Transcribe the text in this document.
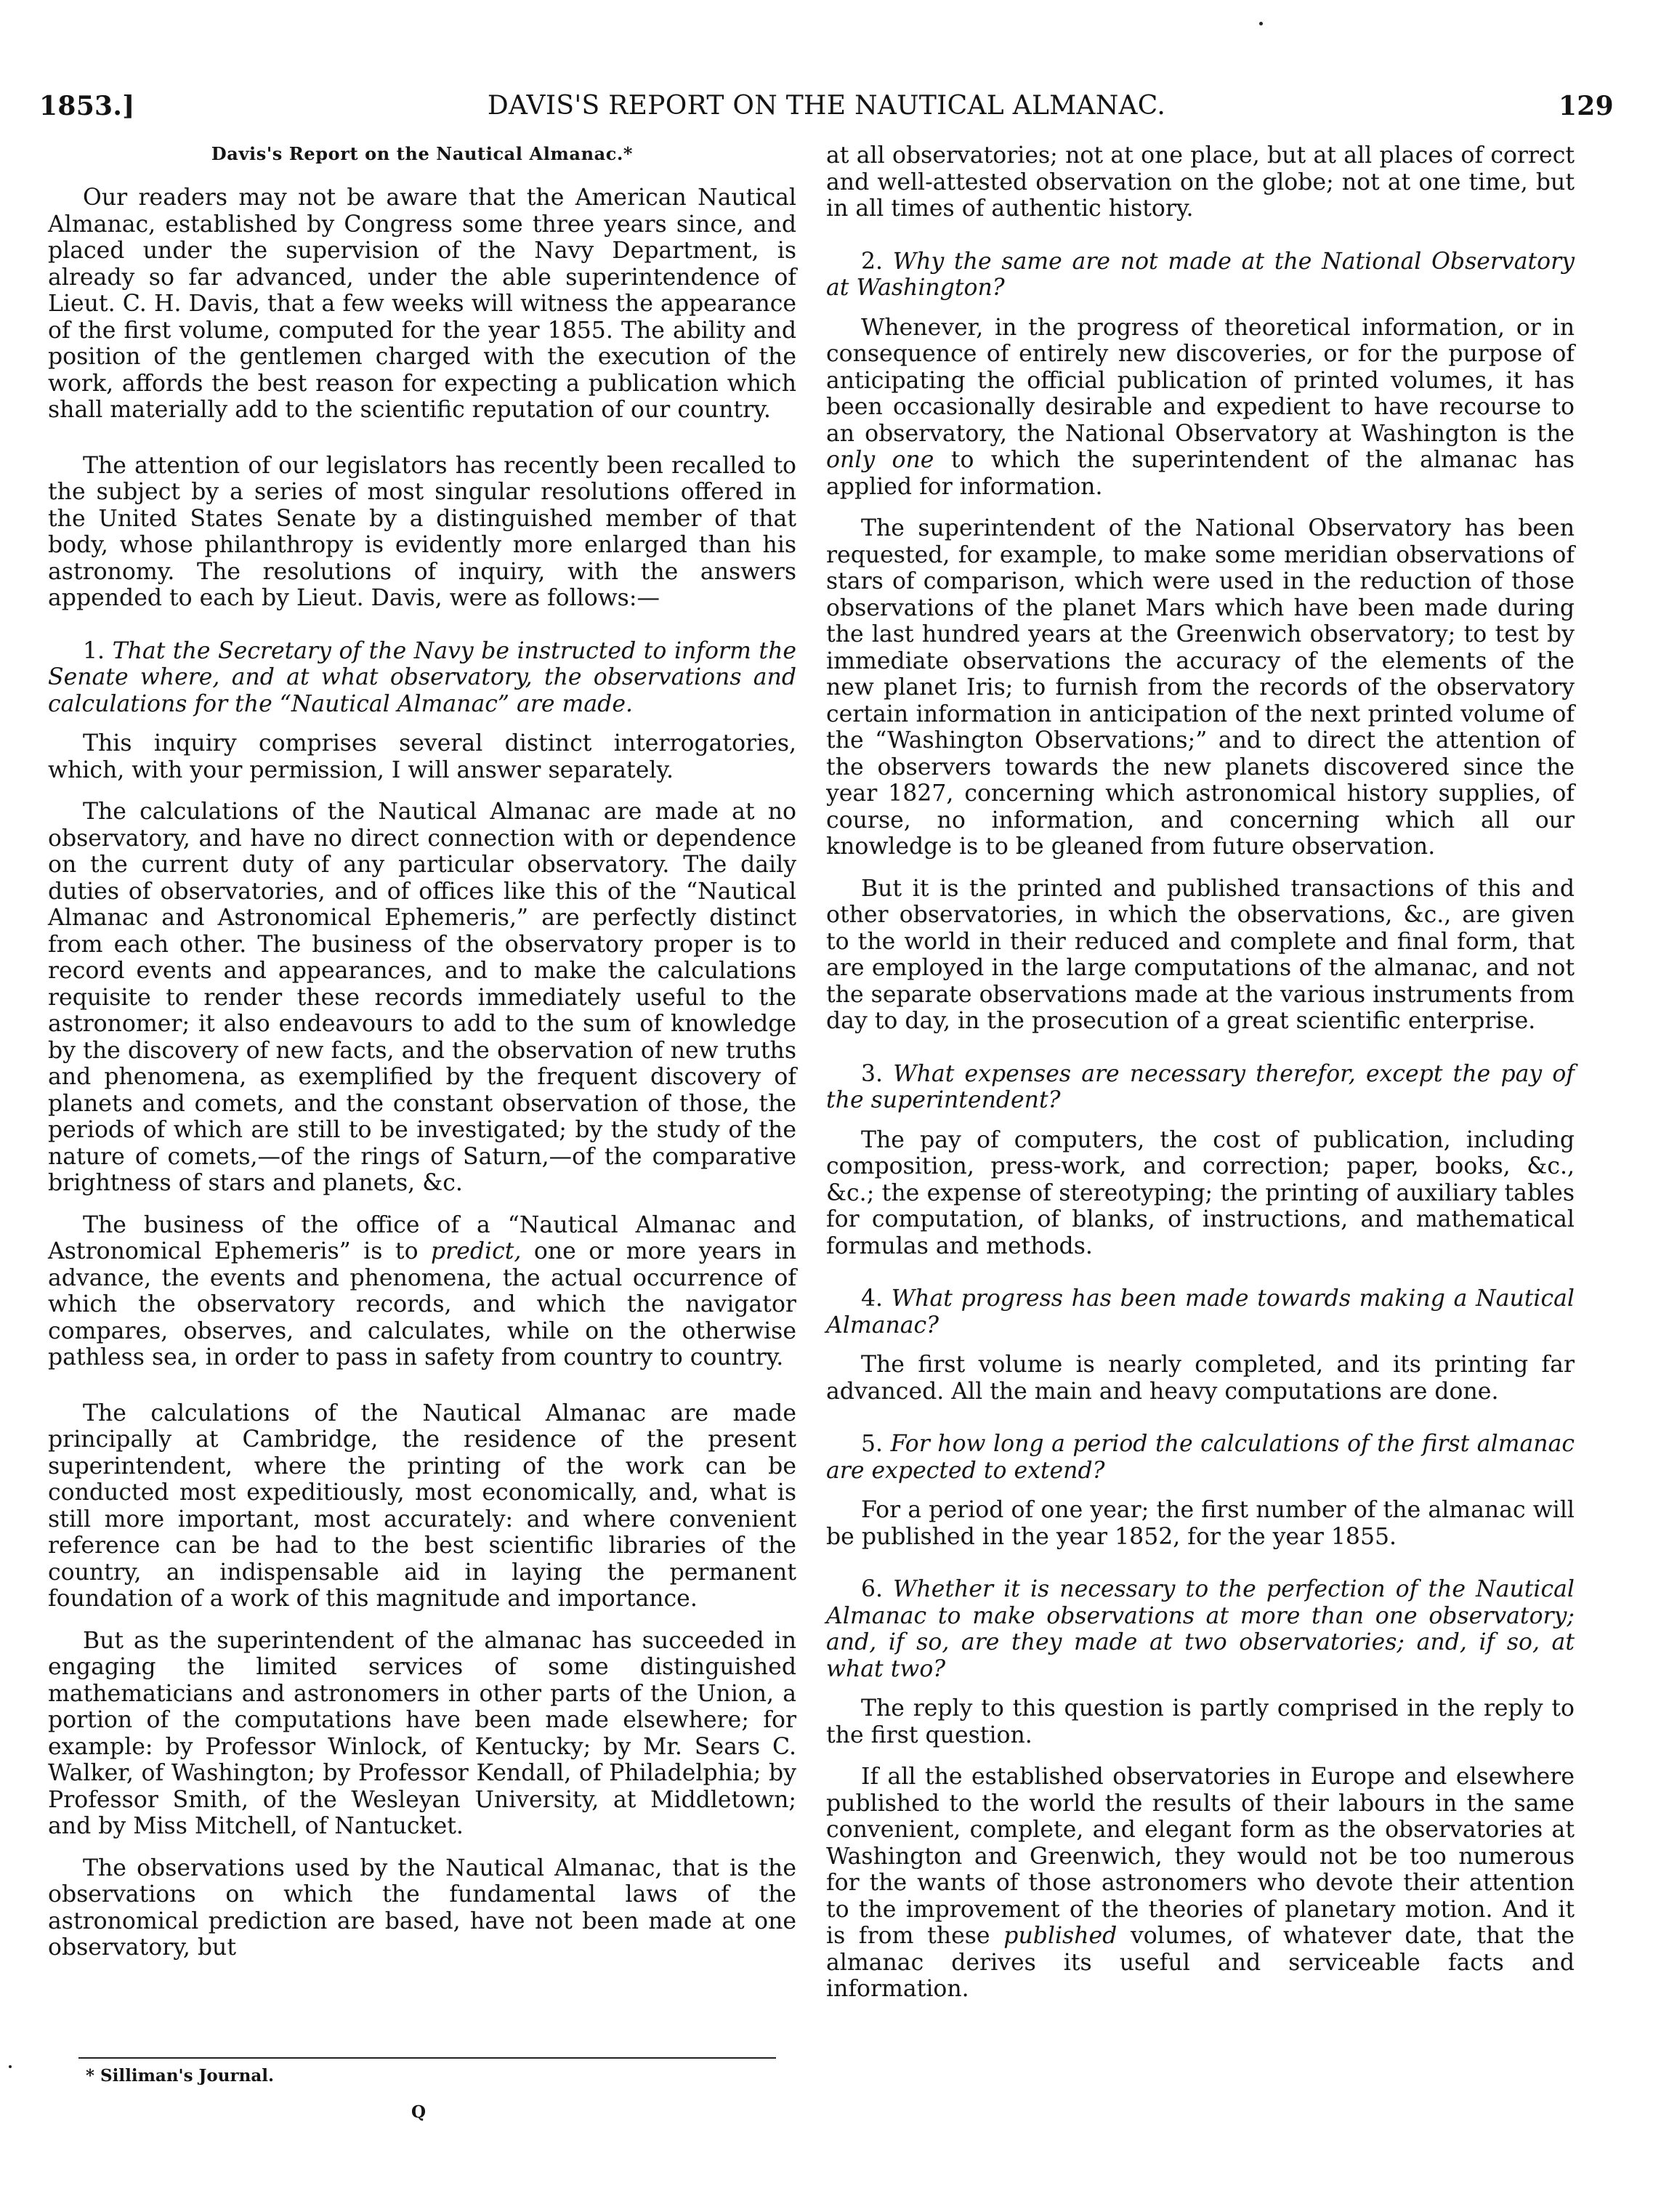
1853.]	DAVIS'S REPORT ON THE NAUTICAL ALMANAC.	129
Davis's Report on the Nautical Almanac.*

Our readers may not be aware that the American Nautical Almanac, established by Congress some three years since, and placed under the supervision of the Navy Department, is already so far advanced, under the able superintendence of Lieut. C. H. Davis, that a few weeks will witness the appearance of the first volume, computed for the year 1855. The ability and position of the gentlemen charged with the execution of the work, affords the best reason for expecting a publication which shall materially add to the scientific reputation of our country.

The attention of our legislators has recently been recalled to the subject by a series of most singular resolutions offered in the United States Senate by a distinguished member of that body, whose philanthropy is evidently more enlarged than his astronomy. The resolutions of inquiry, with the answers appended to each by Lieut. Davis, were as follows:—

1. That the Secretary of the Navy be instructed to inform the Senate where, and at what observatory, the observations and calculations for the “Nautical Almanac” are made.

This inquiry comprises several distinct interrogatories, which, with your permission, I will answer separately.

The calculations of the Nautical Almanac are made at no observatory, and have no direct connection with or dependence on the current duty of any particular observatory. The daily duties of observatories, and of offices like this of the “Nautical Almanac and Astronomical Ephemeris,” are perfectly distinct from each other. The business of the observatory proper is to record events and appearances, and to make the calculations requisite to render these records immediately useful to the astronomer; it also endeavours to add to the sum of knowledge by the discovery of new facts, and the observation of new truths and phenomena, as exemplified by the frequent discovery of planets and comets, and the constant observation of those, the periods of which are still to be investigated; by the study of the nature of comets,—of the rings of Saturn,—of the comparative brightness of stars and planets, &c.

The business of the office of a “Nautical Almanac and Astronomical Ephemeris” is to predict, one or more years in advance, the events and phenomena, the actual occurrence of which the observatory records, and which the navigator compares, observes, and calculates, while on the otherwise pathless sea, in order to pass in safety from country to country.

The calculations of the Nautical Almanac are made principally at Cambridge, the residence of the present superintendent, where the printing of the work can be conducted most expeditiously, most economically, and, what is still more important, most accurately: and where convenient reference can be had to the best scientific libraries of the country, an indispensable aid in laying the permanent foundation of a work of this magnitude and importance.

But as the superintendent of the almanac has succeeded in engaging the limited services of some distinguished mathematicians and astronomers in other parts of the Union, a portion of the computations have been made elsewhere; for example: by Professor Winlock, of Kentucky; by Mr. Sears C. Walker, of Washington; by Professor Kendall, of Philadelphia; by Professor Smith, of the Wesleyan University, at Middletown; and by Miss Mitchell, of Nantucket.

The observations used by the Nautical Almanac, that is the observations on which the fundamental laws of the astronomical prediction are based, have not been made at one observatory, but

at all observatories; not at one place, but at all places of correct and well-attested observation on the globe; not at one time, but in all times of authentic history.

2. Why the same are not made at the National Observatory at Washington?

Whenever, in the progress of theoretical information, or in consequence of entirely new discoveries, or for the purpose of anticipating the official publication of printed volumes, it has been occasionally desirable and expedient to have recourse to an observatory, the National Observatory at Washington is the only one to which the superintendent of the almanac has applied for information.

The superintendent of the National Observatory has been requested, for example, to make some meridian observations of stars of comparison, which were used in the reduction of those observations of the planet Mars which have been made during the last hundred years at the Greenwich observatory; to test by immediate observations the accuracy of the elements of the new planet Iris; to furnish from the records of the observatory certain information in anticipation of the next printed volume of the “Washington Observations;” and to direct the attention of the observers towards the new planets discovered since the year 1827, concerning which astronomical history supplies, of course, no information, and concerning which all our knowledge is to be gleaned from future observation.

But it is the printed and published transactions of this and other observatories, in which the observations, &c., are given to the world in their reduced and complete and final form, that are employed in the large computations of the almanac, and not the separate observations made at the various instruments from day to day, in the prosecution of a great scientific enterprise.

3. What expenses are necessary therefor, except the pay of the superintendent?

The pay of computers, the cost of publication, including composition, press-work, and correction; paper, books, &c., &c.; the expense of stereotyping; the printing of auxiliary tables for computation, of blanks, of instructions, and mathematical formulas and methods.

4. What progress has been made towards making a Nautical Almanac?

The first volume is nearly completed, and its printing far advanced. All the main and heavy computations are done.

5. For how long a period the calculations of the first almanac are expected to extend?

For a period of one year; the first number of the almanac will be published in the year 1852, for the year 1855.

6. Whether it is necessary to the perfection of the Nautical Almanac to make observations at more than one observatory; and, if so, are they made at two observatories; and, if so, at what two?

The reply to this question is partly comprised in the reply to the first question.

If all the established observatories in Europe and elsewhere published to the world the results of their labours in the same convenient, complete, and elegant form as the observatories at Washington and Greenwich, they would not be too numerous for the wants of those astronomers who devote their attention to the improvement of the theories of planetary motion. And it is from these published volumes, of whatever date, that the almanac derives its useful and serviceable facts and information.

* Silliman's Journal.
Q
